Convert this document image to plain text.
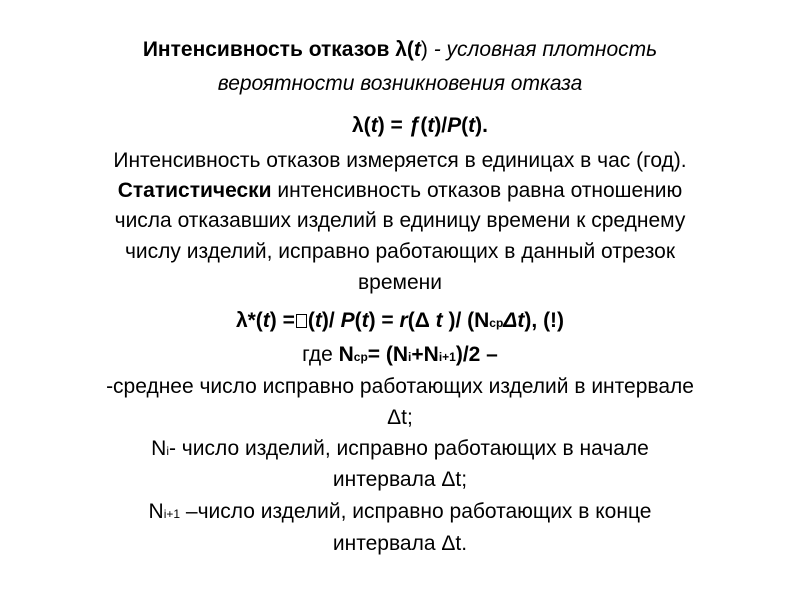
Интенсивность отказов λ(t) - условная плотность
вероятности возникновения отказа
λ(t) = ƒ(t)/P(t).
Интенсивность отказов измеряется в единицах в час (год).
Статистически интенсивность отказов равна отношению
числа отказавших изделий в единицу времени к среднему
числу изделий, исправно работающих в данный отрезок
времени
λ*(t) = (t)/ P(t) = r(Δ t )/ (NсрΔt), (!)
где Nср= (Ni+Ni+1)/2 –
-среднее число исправно работающих изделий в интервале
Δt;
Ni- число изделий, исправно работающих в начале
интервала Δt;
Ni+1 –число изделий, исправно работающих в конце
интервала Δt.
